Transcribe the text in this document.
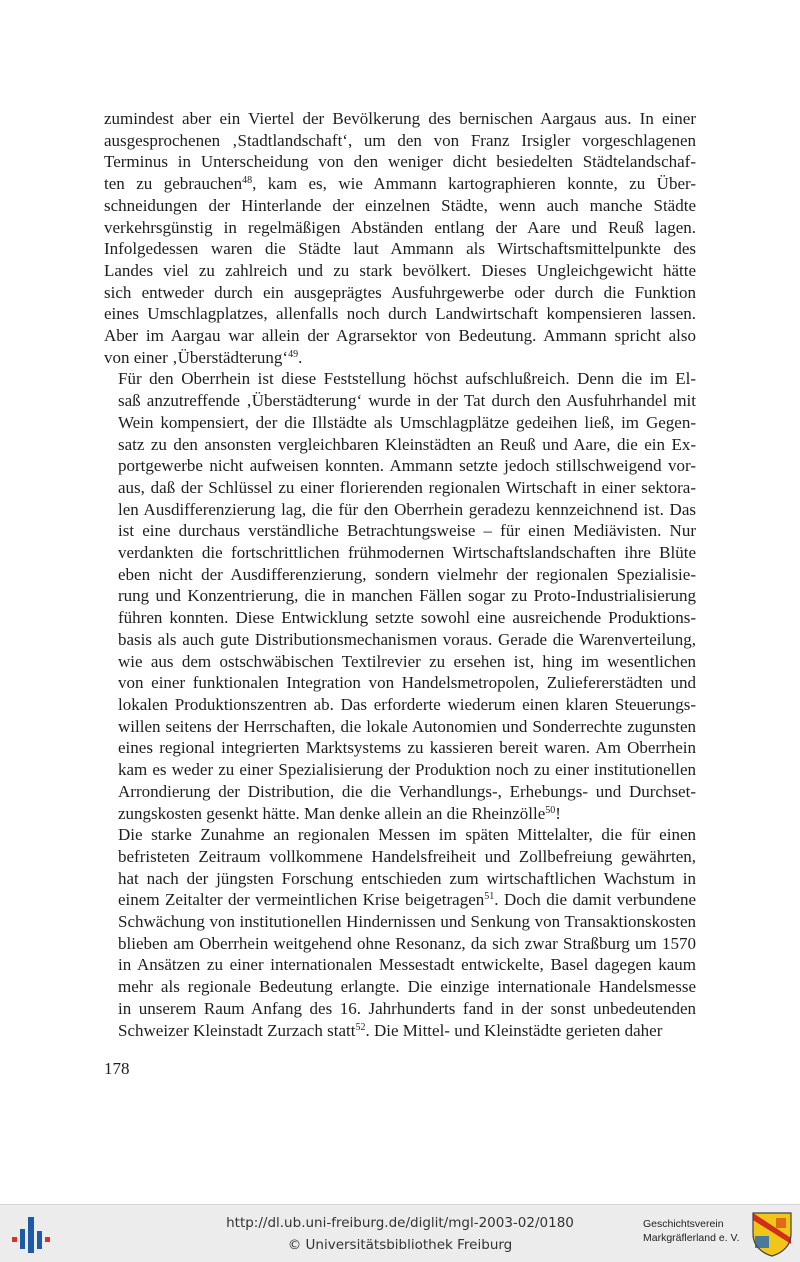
zumindest aber ein Viertel der Bevölkerung des bernischen Aargaus aus. In einer
ausgesprochenen ‚Stadtlandschaft‘, um den von Franz Irsigler vorgeschlagenen
Terminus in Unterscheidung von den weniger dicht besiedelten Städtelandschaf-
ten zu gebrauchen$^{48}$, kam es, wie Ammann kartographieren konnte, zu Über-
schneidungen der Hinterlande der einzelnen Städte, wenn auch manche Städte
verkehrsgünstig in regelmäßigen Abständen entlang der Aare und Reuß lagen.
Infolgedessen waren die Städte laut Ammann als Wirtschaftsmittelpunkte des
Landes viel zu zahlreich und zu stark bevölkert. Dieses Ungleichgewicht hätte
sich entweder durch ein ausgeprägtes Ausfuhrgewerbe oder durch die Funktion
eines Umschlagplatzes, allenfalls noch durch Landwirtschaft kompensieren lassen.
Aber im Aargau war allein der Agrarsektor von Bedeutung. Ammann spricht also
von einer ‚Überstädterung‘$^{49}$.

Für den Oberrhein ist diese Feststellung höchst aufschlußreich. Denn die im El-
saß anzutreffende ‚Überstädterung‘ wurde in der Tat durch den Ausfuhrhandel mit
Wein kompensiert, der die Illstädte als Umschlagplätze gedeihen ließ, im Gegen-
satz zu den ansonsten vergleichbaren Kleinstädten an Reuß und Aare, die ein Ex-
portgewerbe nicht aufweisen konnten. Ammann setzte jedoch stillschweigend vor-
aus, daß der Schlüssel zu einer florierenden regionalen Wirtschaft in einer sektora-
len Ausdifferenzierung lag, die für den Oberrhein geradezu kennzeichnend ist. Das
ist eine durchaus verständliche Betrachtungsweise – für einen Mediävisten. Nur
verdankten die fortschrittlichen frühmodernen Wirtschaftslandschaften ihre Blüte
eben nicht der Ausdifferenzierung, sondern vielmehr der regionalen Spezialisie-
rung und Konzentrierung, die in manchen Fällen sogar zu Proto-Industrialisierung
führen konnten. Diese Entwicklung setzte sowohl eine ausreichende Produktions-
basis als auch gute Distributionsmechanismen voraus. Gerade die Warenverteilung,
wie aus dem ostschwäbischen Textilrevier zu ersehen ist, hing im wesentlichen
von einer funktionalen Integration von Handelsmetropolen, Zuliefererstädten und
lokalen Produktionszentren ab. Das erforderte wiederum einen klaren Steuerungs-
willen seitens der Herrschaften, die lokale Autonomien und Sonderrechte zugunsten
eines regional integrierten Marktsystems zu kassieren bereit waren. Am Oberrhein
kam es weder zu einer Spezialisierung der Produktion noch zu einer institutionellen
Arrondierung der Distribution, die die Verhandlungs-, Erhebungs- und Durchset-
zungskosten gesenkt hätte. Man denke allein an die Rheinzölle$^{50}$!

Die starke Zunahme an regionalen Messen im späten Mittelalter, die für einen
befristeten Zeitraum vollkommene Handelsfreiheit und Zollbefreiung gewährten,
hat nach der jüngsten Forschung entschieden zum wirtschaftlichen Wachstum in
einem Zeitalter der vermeintlichen Krise beigetragen$^{51}$. Doch die damit verbundene
Schwächung von institutionellen Hindernissen und Senkung von Transaktionskosten
blieben am Oberrhein weitgehend ohne Resonanz, da sich zwar Straßburg um 1570
in Ansätzen zu einer internationalen Messestadt entwickelte, Basel dagegen kaum
mehr als regionale Bedeutung erlangte. Die einzige internationale Handelsmesse
in unserem Raum Anfang des 16. Jahrhunderts fand in der sonst unbedeutenden
Schweizer Kleinstadt Zurzach statt$^{52}$. Die Mittel- und Kleinstädte gerieten daher

178
http://dl.ub.uni-freiburg.de/diglit/mgl-2003-02/0180
© Universitätsbibliothek Freiburg
Geschichtsverein
Markgräflerland e. V.
